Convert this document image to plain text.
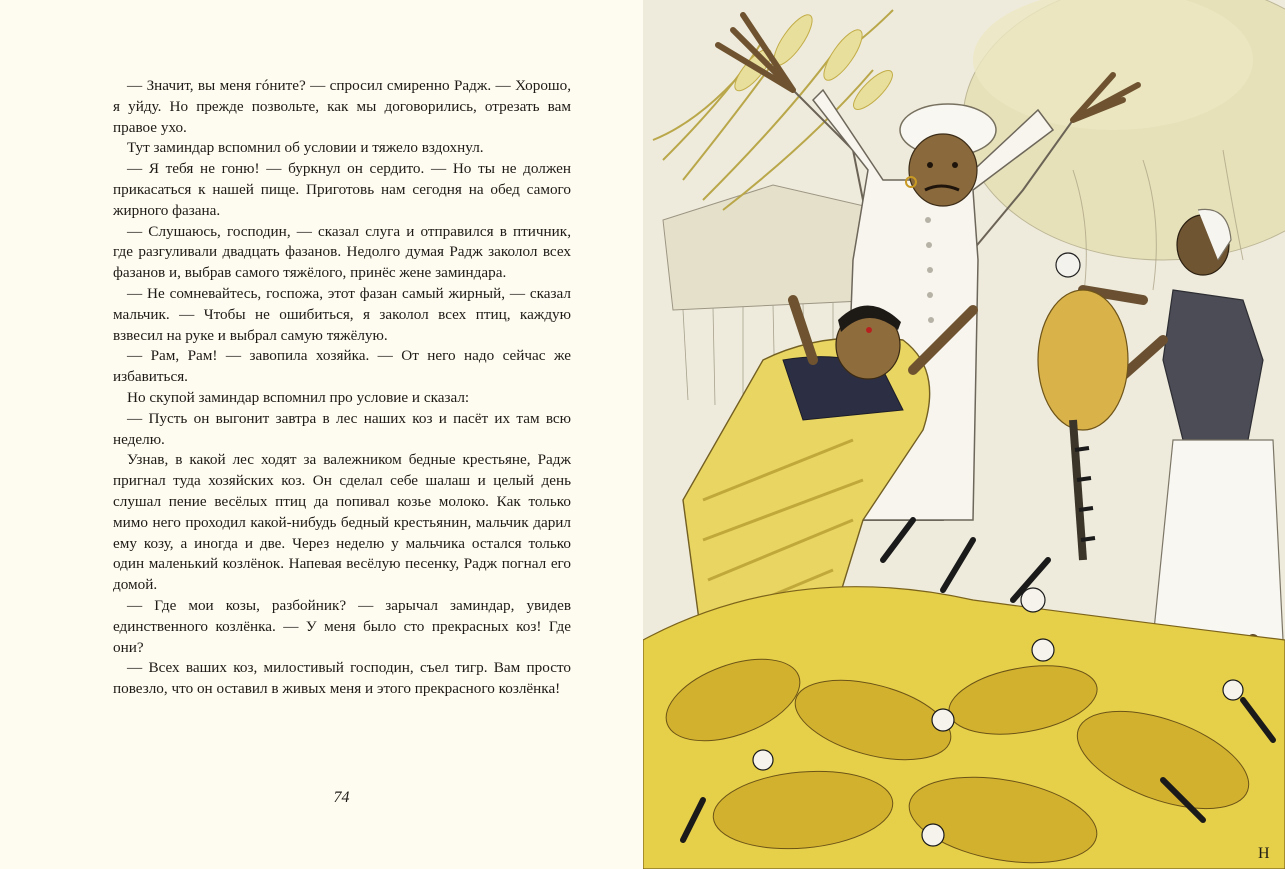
— Значит, вы меня гóните? — спросил смиренно Радж. — Хорошо, я уйду. Но прежде позвольте, как мы договорились, отрезать вам правое ухо.

Тут заминдар вспомнил об условии и тяжело вздохнул.

— Я тебя не гоню! — буркнул он сердито. — Но ты не должен прикасаться к нашей пище. Приготовь нам сегодня на обед самого жирного фазана.

— Слушаюсь, господин, — сказал слуга и отправился в птичник, где разгуливали двадцать фазанов. Недолго думая Радж заколол всех фазанов и, выбрав самого тяжёлого, принёс жене заминдара.

— Не сомневайтесь, госпожа, этот фазан самый жирный, — сказал мальчик. — Чтобы не ошибиться, я заколол всех птиц, каждую взвесил на руке и выбрал самую тяжёлую.

— Рам, Рам! — завопила хозяйка. — От него надо сейчас же избавиться.

Но скупой заминдар вспомнил про условие и сказал:

— Пусть он выгонит завтра в лес наших коз и пасёт их там всю неделю.

Узнав, в какой лес ходят за валежником бедные крестьяне, Радж пригнал туда хозяйских коз. Он сделал себе шалаш и целый день слушал пение весёлых птиц да попивал козье молоко. Как только мимо него проходил какой-нибудь бедный крестьянин, мальчик дарил ему козу, а иногда и две. Через неделю у мальчика остался только один маленький козлёнок. Напевая весёлую песенку, Радж погнал его домой.

— Где мои козы, разбойник? — зарычал заминдар, увидев единственного козлёнка. — У меня было сто прекрасных коз! Где они?

— Всех ваших коз, милостивый господин, съел тигр. Вам просто повезло, что он оставил в живых меня и этого прекрасного козлёнка!

74
Н
